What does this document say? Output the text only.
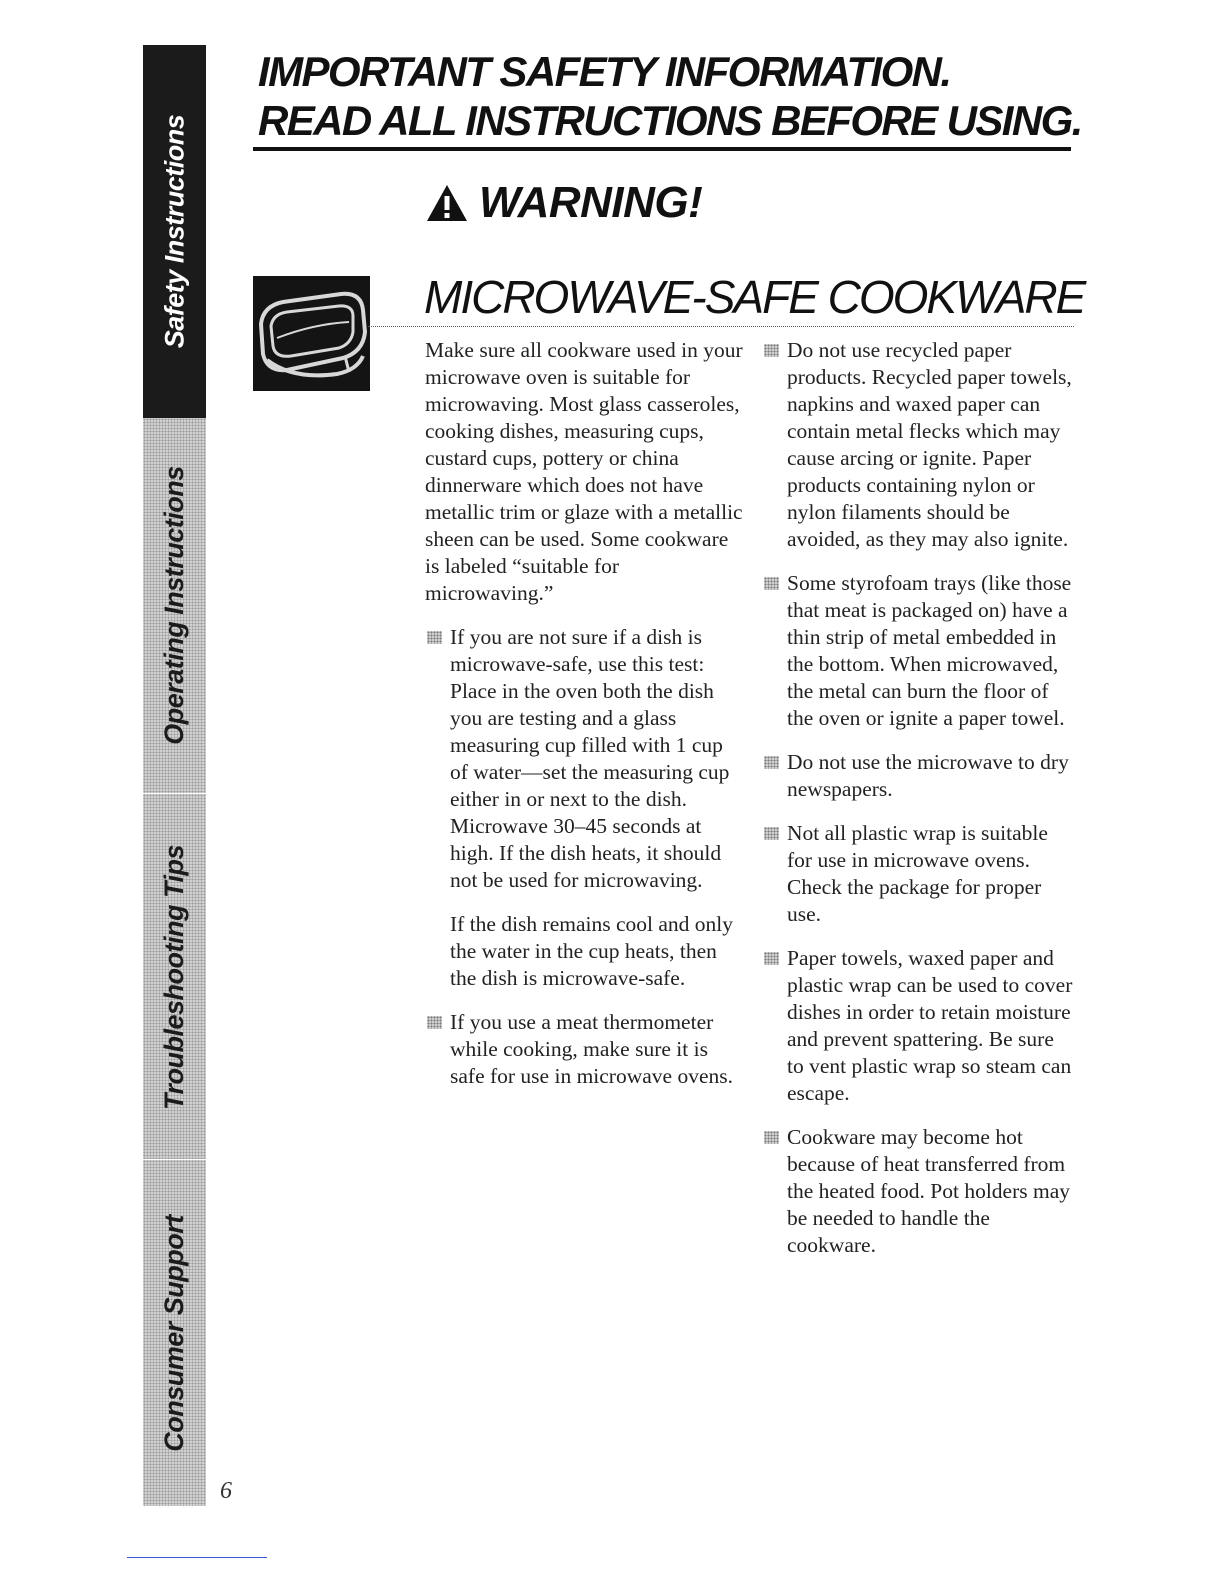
Safety Instructions
Operating Instructions
Troubleshooting Tips
Consumer Support
IMPORTANT SAFETY INFORMATION.
READ ALL INSTRUCTIONS BEFORE USING.
WARNING!
MICROWAVE-SAFE COOKWARE

Make sure all cookware used in your microwave oven is suitable for microwaving. Most glass casseroles, cooking dishes, measuring cups, custard cups, pottery or china dinnerware which does not have metallic trim or glaze with a metallic sheen can be used. Some cookware is labeled “suitable for microwaving.”

If you are not sure if a dish is microwave-safe, use this test: Place in the oven both the dish you are testing and a glass measuring cup filled with 1 cup of water—set the measuring cup either in or next to the dish. Microwave 30–45 seconds at high. If the dish heats, it should not be used for microwaving.

If the dish remains cool and only the water in the cup heats, then the dish is microwave-safe.

If you use a meat thermometer while cooking, make sure it is safe for use in microwave ovens.
Do not use recycled paper products. Recycled paper towels, napkins and waxed paper can contain metal flecks which may cause arcing or ignite. Paper products containing nylon or nylon filaments should be avoided, as they may also ignite.
Some styrofoam trays (like those that meat is packaged on) have a thin strip of metal embedded in the bottom. When microwaved, the metal can burn the floor of the oven or ignite a paper towel.
Do not use the microwave to dry newspapers.
Not all plastic wrap is suitable for use in microwave ovens. Check the package for proper use.
Paper towels, waxed paper and plastic wrap can be used to cover dishes in order to retain moisture and prevent spattering. Be sure to vent plastic wrap so steam can escape.
Cookware may become hot because of heat transferred from the heated food. Pot holders may be needed to handle the cookware.
6
